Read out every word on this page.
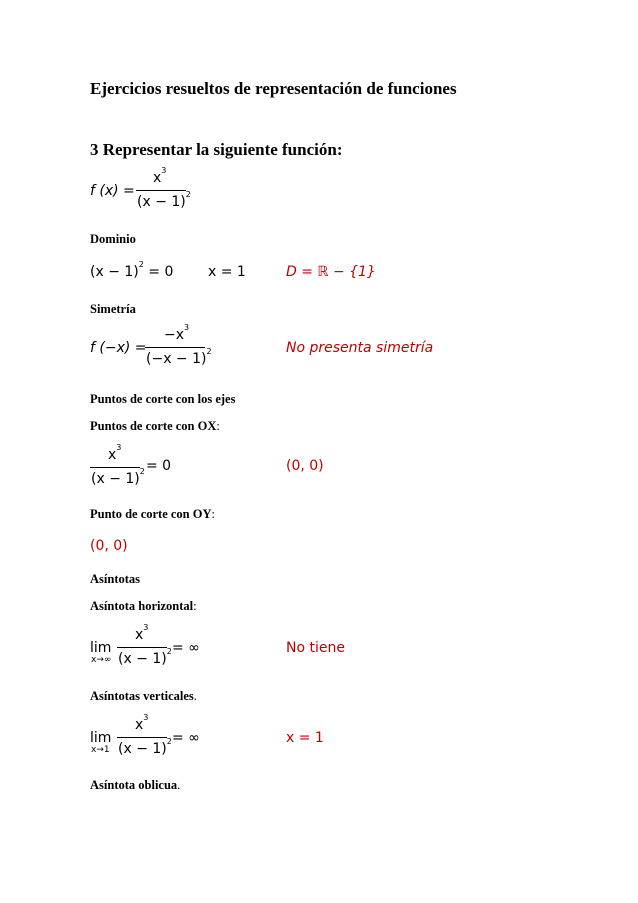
Ejercicios resueltos de representación de funciones
3 Representar la siguiente función:
f (x) =
$x^3$
$(x - 1)^2$
Dominio
$(x - 1)^2 = 0$ x = 1	D = ℝ − {1}
Simetría
f (−x) =
$-x^3$
$(-x - 1)^2$	No presenta simetría
Puntos de corte con los ejes
Puntos de corte con OX:
$x^3$
$(x - 1)^2 = 0$	(0, 0)
Punto de corte con OY:
(0, 0)
Asíntotas
Asíntota horizontal:
lim
x→∞
$x^3$
$(x - 1)^2$ = ∞	No tiene
Asíntotas verticales.
lim
x→1
$x^3$
$(x - 1)^2$ = ∞	x = 1
Asíntota oblicua.
